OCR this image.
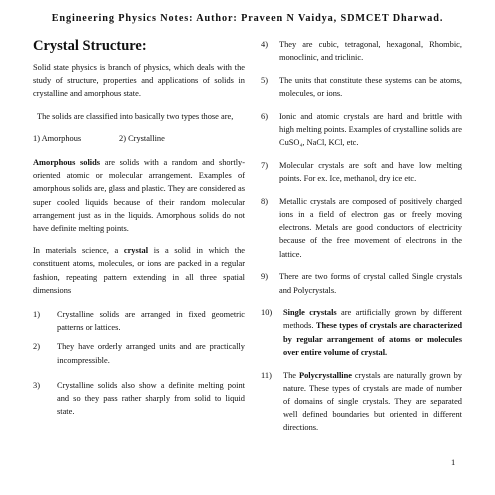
Engineering Physics Notes: Author: Praveen N Vaidya, SDMCET Dharwad.
Crystal Structure:

Solid state physics is branch of physics, which deals with the study of structure, properties and applications of solids in crystalline and amorphous state.

The solids are classified into basically two types those are,

1) Amorphous	2) Crystalline

Amorphous solids are solids with a random and shortly-oriented atomic or molecular arrangement. Examples of amorphous solids are, glass and plastic. They are considered as super cooled liquids because of their random molecular arrangement just as in the liquids. Amorphous solids do not have definite melting points.

In materials science, a crystal is a solid in which the constituent atoms, molecules, or ions are packed in a regular fashion, repeating pattern extending in all three spatial dimensions

1) Crystalline solids are arranged in fixed geometric patterns or lattices.
2) They have orderly arranged units and are practically incompressible.
3) Crystalline solids also show a definite melting point and so they pass rather sharply from solid to liquid state.
4) They are cubic, tetragonal, hexagonal, Rhombic, monoclinic, and triclinic.
5) The units that constitute these systems can be atoms, molecules, or ions.
6) Ionic and atomic crystals are hard and brittle with high melting points. Examples of crystalline solids are CuSO₄, NaCl, KCl, etc.
7) Molecular crystals are soft and have low melting points. For ex. Ice, methanol, dry ice etc.
8) Metallic crystals are composed of positively charged ions in a field of electron gas or freely moving electrons. Metals are good conductors of electricity because of the free movement of electrons in the lattice.
9) There are two forms of crystal called Single crystals and Polycrystals.
10) Single crystals are artificially grown by different methods. These types of crystals are characterized by regular arrangement of atoms or molecules over entire volume of crystal.
11) The Polycrystalline crystals are naturally grown by nature. These types of crystals are made of number of domains of single crystals. They are separated well defined boundaries but oriented in different directions.
1
